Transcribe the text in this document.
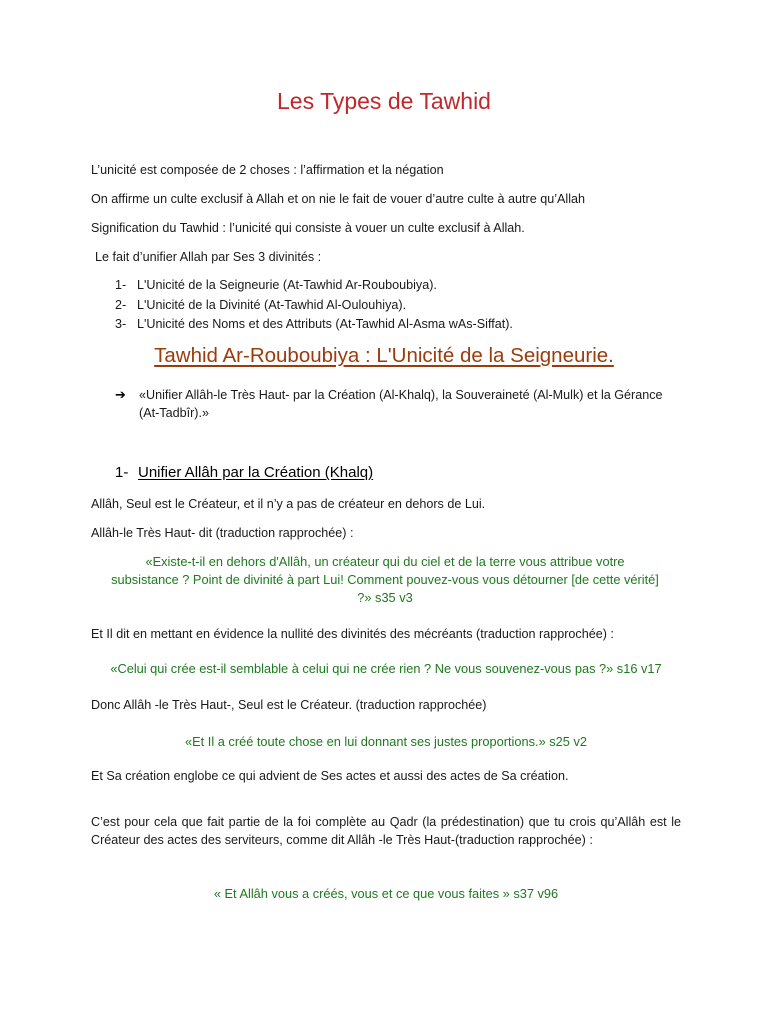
Les Types de Tawhid

L’unicité est composée de 2 choses : l’affirmation et la négation

On affirme un culte exclusif à Allah et on nie le fait de vouer d’autre culte à autre qu’Allah

Signification du Tawhid : l’unicité qui consiste à vouer un culte exclusif à Allah.

Le fait d’unifier Allah par Ses 3 divinités :

1- L'Unicité de la Seigneurie (At-Tawhid Ar-Rouboubiya).
2- L'Unicité de la Divinité (At-Tawhid Al-Oulouhiya).
3- L'Unicité des Noms et des Attributs (At-Tawhid Al-Asma wAs-Siffat).
Tawhid Ar-Rouboubiya : L'Unicité de la Seigneurie.
➔	«Unifier Allâh-le Très Haut- par la Création (Al-Khalq), la Souveraineté (Al-Mulk) et la Gérance (At-Tadbîr).»
1- Unifier Allâh par la Création (Khalq)

Allâh, Seul est le Créateur, et il n’y a pas de créateur en dehors de Lui.

Allâh-le Très Haut- dit (traduction rapprochée) :

«Existe-t-il en dehors d'Allâh, un créateur qui du ciel et de la terre vous attribue votre subsistance ? Point de divinité à part Lui! Comment pouvez-vous vous détourner [de cette vérité] ?» s35 v3

Et Il dit en mettant en évidence la nullité des divinités des mécréants (traduction rapprochée) :

«Celui qui crée est-il semblable à celui qui ne crée rien ? Ne vous souvenez-vous pas ?» s16 v17

Donc Allâh -le Très Haut-, Seul est le Créateur. (traduction rapprochée)

«Et Il a créé toute chose en lui donnant ses justes proportions.» s25 v2

Et Sa création englobe ce qui advient de Ses actes et aussi des actes de Sa création.

C’est pour cela que fait partie de la foi complète au Qadr (la prédestination) que tu crois qu’Allâh est le Créateur des actes des serviteurs, comme dit Allâh -le Très Haut-(traduction rapprochée) :

« Et Allâh vous a créés, vous et ce que vous faites » s37 v96
